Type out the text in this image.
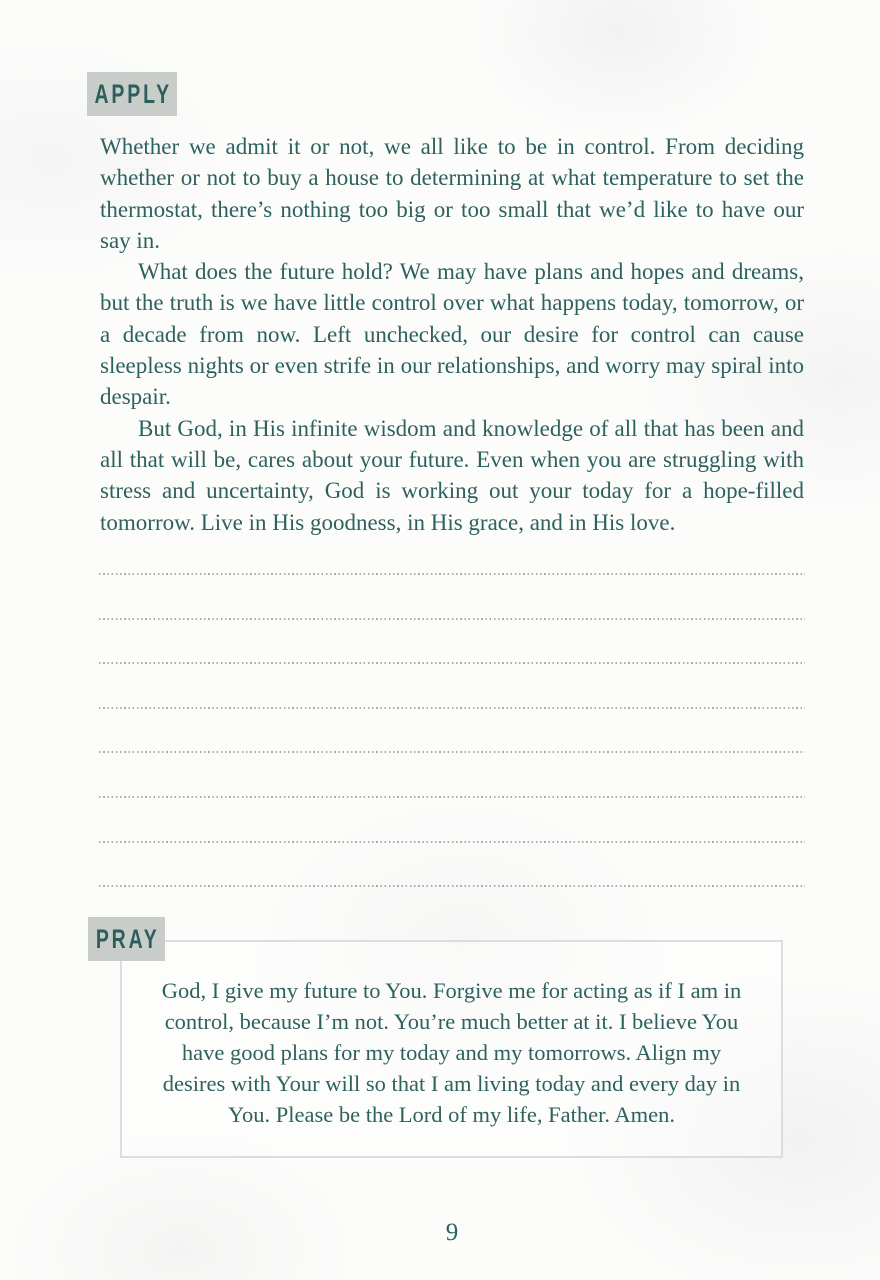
APPLY

Whether we admit it or not, we all like to be in control. From deciding whether or not to buy a house to determining at what temperature to set the thermostat, there’s nothing too big or too small that we’d like to have our say in.

What does the future hold? We may have plans and hopes and dreams, but the truth is we have little control over what happens today, tomorrow, or a decade from now. Left unchecked, our desire for control can cause sleepless nights or even strife in our relationships, and worry may spiral into despair.

But God, in His infinite wisdom and knowledge of all that has been and all that will be, cares about your future. Even when you are struggling with stress and uncertainty, God is working out your today for a hope-filled tomorrow. Live in His goodness, in His grace, and in His love.

PRAY

God, I give my future to You. Forgive me for acting as if I am in control, because I’m not. You’re much better at it. I believe You have good plans for my today and my tomorrows. Align my desires with Your will so that I am living today and every day in You. Please be the Lord of my life, Father. Amen.

9
